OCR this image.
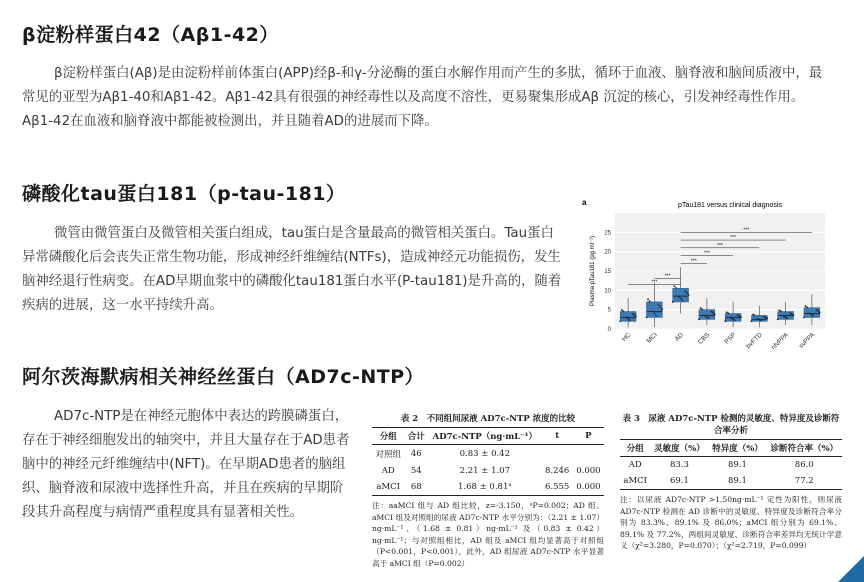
β淀粉样蛋白42（Aβ1-42）
β淀粉样蛋白(Aβ)是由淀粉样前体蛋白(APP)经β-和γ-分泌酶的蛋白水解作用而产生的多肽，循环于血液、脑脊液和脑间质液中，最常见的亚型为Aβ1-40和Aβ1-42。Aβ1-42具有很强的神经毒性以及高度不溶性，更易聚集形成Aβ 沉淀的核心，引发神经毒性作用。Aβ1-42在血液和脑脊液中都能被检测出，并且随着AD的进展而下降。
磷酸化tau蛋白181（p-tau-181）
微管由微管蛋白及微管相关蛋白组成，tau蛋白是含量最高的微管相关蛋白。Tau蛋白异常磷酸化后会丧失正常生物功能，形成神经纤维缠结(NTFs)，造成神经元功能损伤，发生脑神经退行性病变。在AD早期血浆中的磷酸化tau181蛋白水平(P-tau181)是升高的，随着疾病的进展，这一水平持续升高。
a	pTau181 versus clinical diagnosis
Plasma pTau181 (pg ml⁻¹)
0
5
10
15
20
25
***
***
***
***
***
***
***
HC MCI AD CBS PSP bvFTD nfvPPA svPPA
阿尔茨海默病相关神经丝蛋白（AD7c-NTP）
AD7c-NTP是在神经元胞体中表达的跨膜磷蛋白，存在于神经细胞发出的轴突中，并且大量存在于AD患者脑中的神经元纤维缠结中(NFT)。在早期AD患者的脑组织、脑脊液和尿液中选择性升高，并且在疾病的早期阶段其升高程度与病情严重程度具有显著相关性。
表 2　不同组间尿液 AD7c-NTP 浓度的比较
分组	合计	AD7c-NTP（ng·mL⁻¹）	t	P
对照组	46	0.83 ± 0.42		
AD	54	2.21 ± 1.07	8.246	0.000
aMCI	68	1.68 ± 0.81ᵃ	6.555	0.000
注：aaMCI 组与 AD 组比较，z=-3.150，ᵃP=0.002；AD 组、aMCI 组及对照组的尿液 AD7c-NTP 水平分别为：（2.21 ± 1.07）ng·mL⁻¹、（1.68 ± 0.81）ng·mL⁻¹ 及（0.83 ± 0.42）ng·mL⁻¹；与对照组相比，AD 组及 aMCI 组均显著高于对照组（P<0.001，P<0.001），此外，AD 组尿液 AD7c-NTP 水平显著高于 aMCI 组（P=0.002）
表 3　尿液 AD7c-NTP 检测的灵敏度、特异度及诊断符合率分析
分组	灵敏度（%）	特异度（%）	诊断符合率（%）
AD	83.3	89.1	86.0
aMCI	69.1	89.1	77.2
注：以尿液 AD7c-NTP >1.50ng·mL⁻¹ 定性为阳性，则尿液 AD7c-NTP 检测在 AD 诊断中的灵敏度、特异度及诊断符合率分别为 83.3%、89.1% 及 86.0%；aMCI 组分别为 69.1%、89.1% 及 77.2%，两组间灵敏度、诊断符合率差异均无统计学意义（χ²=3.280，P=0.070）；（χ²=2.719，P=0.099）
